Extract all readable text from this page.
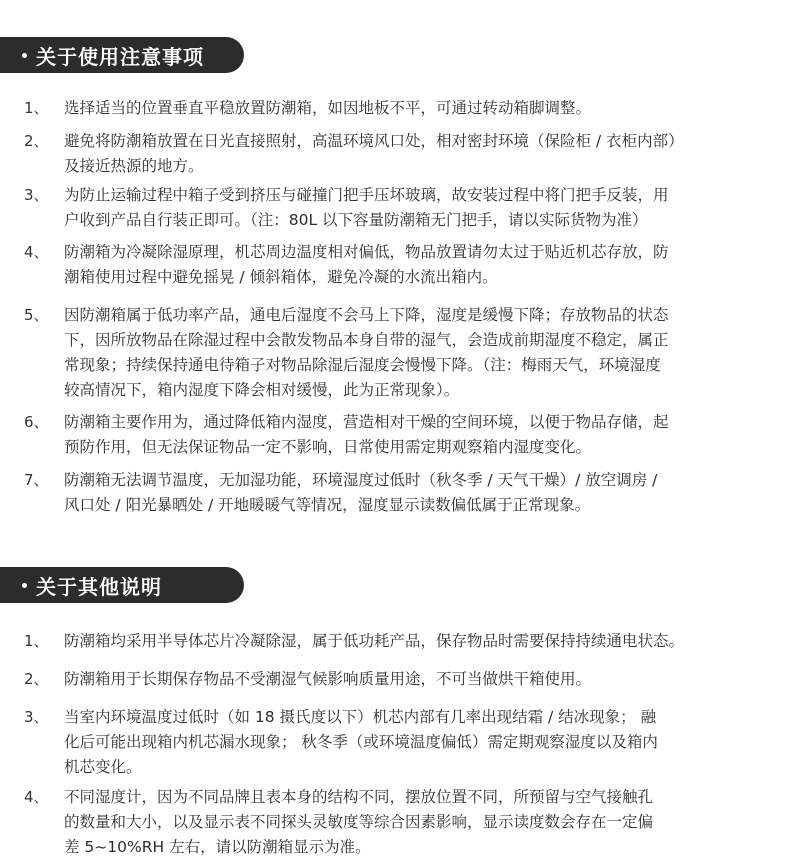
关于使用注意事项
1、 选择适当的位置垂直平稳放置防潮箱，如因地板不平，可通过转动箱脚调整。
2、 避免将防潮箱放置在日光直接照射，高温环境风口处，相对密封环境（保险柜 / 衣柜内部）
及接近热源的地方。
3、 为防止运输过程中箱子受到挤压与碰撞门把手压坏玻璃，故安装过程中将门把手反装，用
户收到产品自行装正即可。（注：80L 以下容量防潮箱无门把手，请以实际货物为准）
4、 防潮箱为冷凝除湿原理，机芯周边温度相对偏低，物品放置请勿太过于贴近机芯存放，防
潮箱使用过程中避免摇晃 / 倾斜箱体，避免冷凝的水流出箱内。
5、 因防潮箱属于低功率产品，通电后湿度不会马上下降，湿度是缓慢下降；存放物品的状态
下，因所放物品在除湿过程中会散发物品本身自带的湿气，会造成前期湿度不稳定，属正
常现象；持续保持通电待箱子对物品除湿后湿度会慢慢下降。（注：梅雨天气，环境湿度
较高情况下，箱内湿度下降会相对缓慢，此为正常现象）。
6、 防潮箱主要作用为，通过降低箱内湿度，营造相对干燥的空间环境，以便于物品存储，起
预防作用，但无法保证物品一定不影响，日常使用需定期观察箱内湿度变化。
7、 防潮箱无法调节温度，无加湿功能，环境湿度过低时（秋冬季 / 天气干燥）/ 放空调房 /
风口处 / 阳光暴晒处 / 开地暖暖气等情况，湿度显示读数偏低属于正常现象。
关于其他说明
1、 防潮箱均采用半导体芯片冷凝除湿，属于低功耗产品，保存物品时需要保持持续通电状态。
2、 防潮箱用于长期保存物品不受潮湿气候影响质量用途，不可当做烘干箱使用。
3、 当室内环境温度过低时（如 18 摄氏度以下）机芯内部有几率出现结霜 / 结冰现象； 融
化后可能出现箱内机芯漏水现象； 秋冬季（或环境温度偏低）需定期观察湿度以及箱内
机芯变化。
4、 不同湿度计，因为不同品牌且表本身的结构不同，摆放位置不同，所预留与空气接触孔
的数量和大小，以及显示表不同探头灵敏度等综合因素影响，显示读度数会存在一定偏
差 5~10%RH 左右，请以防潮箱显示为准。
